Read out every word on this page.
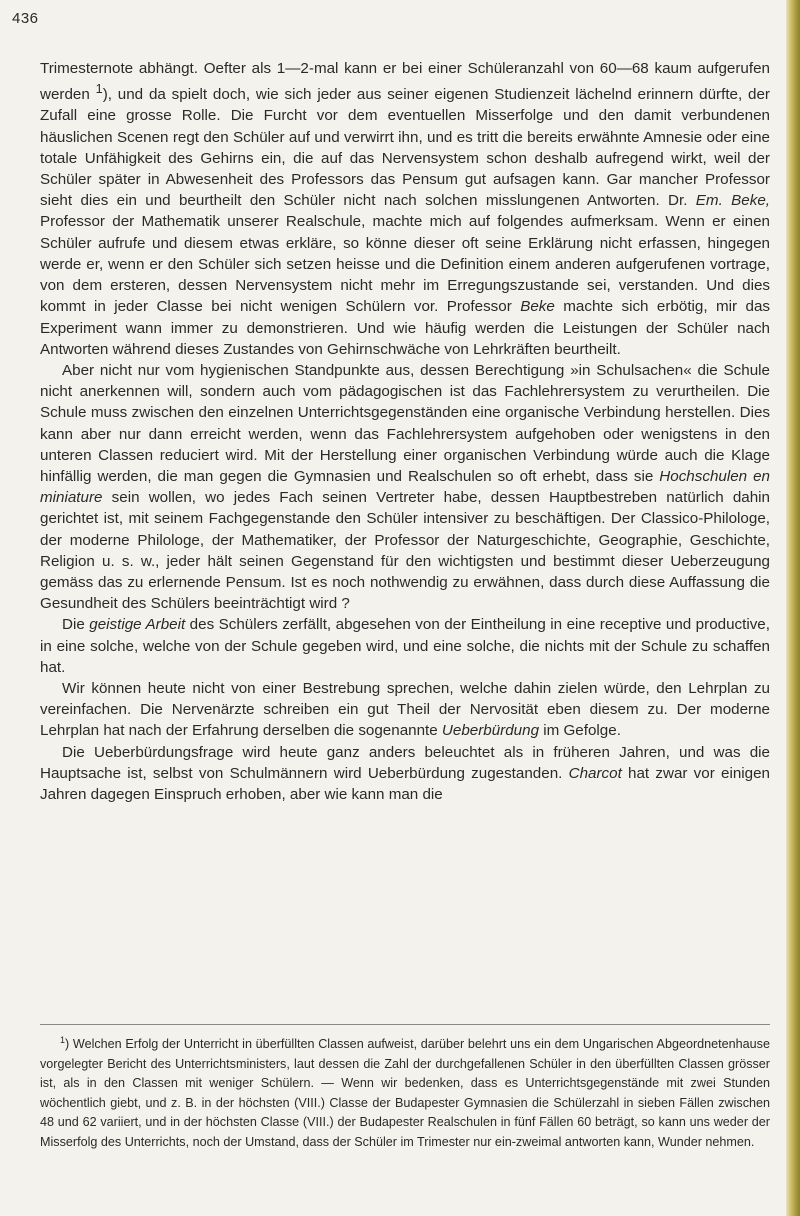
436

Trimesternote abhängt. Oefter als 1—2-mal kann er bei einer Schüleranzahl von 60—68 kaum aufgerufen werden $^1$), und da spielt doch, wie sich jeder aus seiner eigenen Studienzeit lächelnd erinnern dürfte, der Zufall eine grosse Rolle. Die Furcht vor dem eventuellen Misserfolge und den damit verbundenen häuslichen Scenen regt den Schüler auf und verwirrt ihn, und es tritt die bereits erwähnte Amnesie oder eine totale Unfähigkeit des Gehirns ein, die auf das Nervensystem schon deshalb aufregend wirkt, weil der Schüler später in Abwesenheit des Professors das Pensum gut aufsagen kann. Gar mancher Professor sieht dies ein und beurtheilt den Schüler nicht nach solchen misslungenen Antworten. Dr. Em. Beke, Professor der Mathematik unserer Realschule, machte mich auf folgendes aufmerksam. Wenn er einen Schüler aufrufe und diesem etwas erkläre, so könne dieser oft seine Erklärung nicht erfassen, hingegen werde er, wenn er den Schüler sich setzen heisse und die Definition einem anderen aufgerufenen vortrage, von dem ersteren, dessen Nervensystem nicht mehr im Erregungszustande sei, verstanden. Und dies kommt in jeder Classe bei nicht wenigen Schülern vor. Professor Beke machte sich erbötig, mir das Experiment wann immer zu demonstrieren. Und wie häufig werden die Leistungen der Schüler nach Antworten während dieses Zustandes von Gehirnschwäche von Lehrkräften beurtheilt.

Aber nicht nur vom hygienischen Standpunkte aus, dessen Berechtigung »in Schulsachen« die Schule nicht anerkennen will, sondern auch vom pädagogischen ist das Fachlehrersystem zu verurtheilen. Die Schule muss zwischen den einzelnen Unterrichtsgegenständen eine organische Verbindung herstellen. Dies kann aber nur dann erreicht werden, wenn das Fachlehrersystem aufgehoben oder wenigstens in den unteren Classen reduciert wird. Mit der Herstellung einer organischen Verbindung würde auch die Klage hinfällig werden, die man gegen die Gymnasien und Realschulen so oft erhebt, dass sie Hochschulen en miniature sein wollen, wo jedes Fach seinen Vertreter habe, dessen Hauptbestreben natürlich dahin gerichtet ist, mit seinem Fachgegenstande den Schüler intensiver zu beschäftigen. Der Classico-Philologe, der moderne Philologe, der Mathematiker, der Professor der Naturgeschichte, Geographie, Geschichte, Religion u. s. w., jeder hält seinen Gegenstand für den wichtigsten und bestimmt dieser Ueberzeugung gemäss das zu erlernende Pensum. Ist es noch nothwendig zu erwähnen, dass durch diese Auffassung die Gesundheit des Schülers beeinträchtigt wird ?

Die geistige Arbeit des Schülers zerfällt, abgesehen von der Eintheilung in eine receptive und productive, in eine solche, welche von der Schule gegeben wird, und eine solche, die nichts mit der Schule zu schaffen hat.

Wir können heute nicht von einer Bestrebung sprechen, welche dahin zielen würde, den Lehrplan zu vereinfachen. Die Nervenärzte schreiben ein gut Theil der Nervosität eben diesem zu. Der moderne Lehrplan hat nach der Erfahrung derselben die sogenannte Ueberbürdung im Gefolge.

Die Ueberbürdungsfrage wird heute ganz anders beleuchtet als in früheren Jahren, und was die Hauptsache ist, selbst von Schulmännern wird Ueberbürdung zugestanden. Charcot hat zwar vor einigen Jahren dagegen Einspruch erhoben, aber wie kann man die

$^1$) Welchen Erfolg der Unterricht in überfüllten Classen aufweist, darüber belehrt uns ein dem Ungarischen Abgeordnetenhause vorgelegter Bericht des Unterrichtsministers, laut dessen die Zahl der durchgefallenen Schüler in den überfüllten Classen grösser ist, als in den Classen mit weniger Schülern. — Wenn wir bedenken, dass es Unterrichtsgegenstände mit zwei Stunden wöchentlich giebt, und z. B. in der höchsten (VIII.) Classe der Budapester Gymnasien die Schülerzahl in sieben Fällen zwischen 48 und 62 variiert, und in der höchsten Classe (VIII.) der Budapester Realschulen in fünf Fällen 60 beträgt, so kann uns weder der Misserfolg des Unterrichts, noch der Umstand, dass der Schüler im Trimester nur ein-zweimal antworten kann, Wunder nehmen.
